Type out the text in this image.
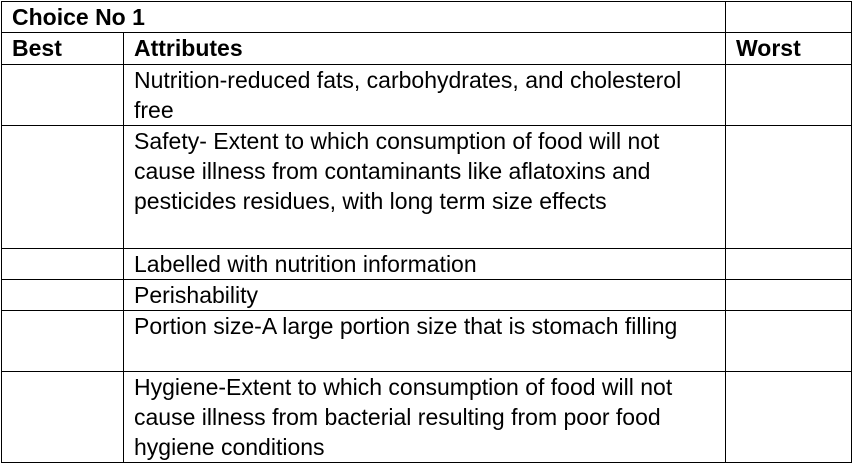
Choice No 1		
Best	Attributes	Worst
	Nutrition-reduced fats, carbohydrates, and cholesterol free	
	Safety- Extent to which consumption of food will not cause illness from contaminants like aflatoxins and pesticides residues, with long term size effects	
	Labelled with nutrition information	
	Perishability	
	Portion size-A large portion size that is stomach filling	
	Hygiene-Extent to which consumption of food will not cause illness from bacterial resulting from poor food hygiene conditions	
